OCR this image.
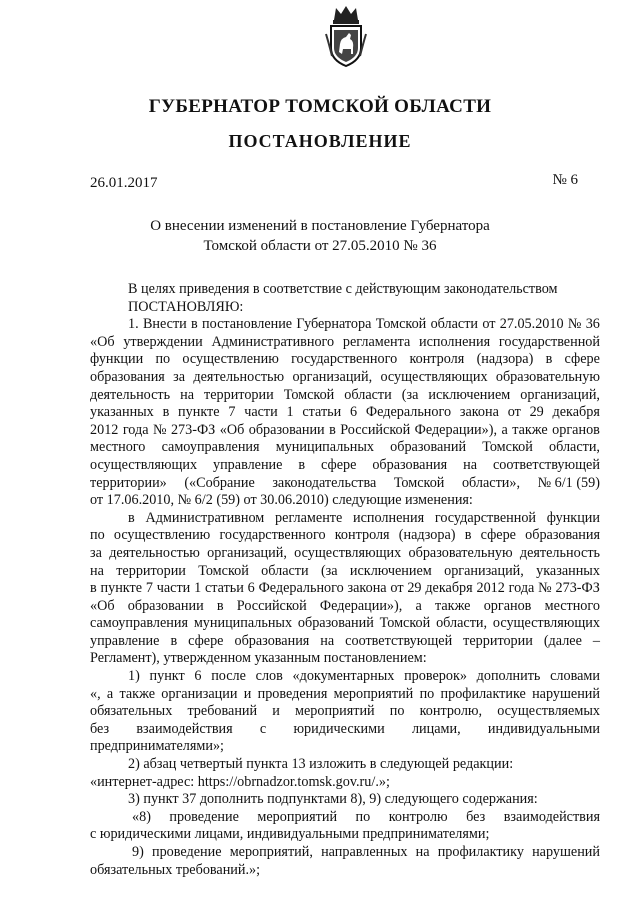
ГУБЕРНАТОР ТОМСКОЙ ОБЛАСТИ
ПОСТАНОВЛЕНИЕ
26.01.2017	№ 6
О внесении изменений в постановление Губернатора
Томской области от 27.05.2010 № 36
В целях приведения в соответствие с действующим законодательством
ПОСТАНОВЛЯЮ:
1. Внести в постановление Губернатора Томской области от 27.05.2010 № 36
«Об утверждении Административного регламента исполнения государственной
функции по осуществлению государственного контроля (надзора) в сфере
образования за деятельностью организаций, осуществляющих образовательную
деятельность на территории Томской области (за исключением организаций,
указанных в пункте 7 части 1 статьи 6 Федерального закона от 29 декабря
2012 года № 273-ФЗ «Об образовании в Российской Федерации»), а также органов
местного самоуправления муниципальных образований Томской области,
осуществляющих управление в сфере образования на соответствующей
территории» («Собрание законодательства Томской области», № 6/1 (59)
от 17.06.2010, № 6/2 (59) от 30.06.2010) следующие изменения:
в Административном регламенте исполнения государственной функции
по осуществлению государственного контроля (надзора) в сфере образования
за деятельностью организаций, осуществляющих образовательную деятельность
на территории Томской области (за исключением организаций, указанных
в пункте 7 части 1 статьи 6 Федерального закона от 29 декабря 2012 года № 273-ФЗ
«Об образовании в Российской Федерации»), а также органов местного
самоуправления муниципальных образований Томской области, осуществляющих
управление в сфере образования на соответствующей территории (далее –
Регламент), утвержденном указанным постановлением:
1) пункт 6 после слов «документарных проверок» дополнить словами
«, а также организации и проведения мероприятий по профилактике нарушений
обязательных требований и мероприятий по контролю, осуществляемых
без взаимодействия с юридическими лицами, индивидуальными
предпринимателями»;
2) абзац четвертый пункта 13 изложить в следующей редакции:
«интернет-адрес: https://obrnadzor.tomsk.gov.ru/.»;
3) пункт 37 дополнить подпунктами 8), 9) следующего содержания:
«8) проведение мероприятий по контролю без взаимодействия
с юридическими лицами, индивидуальными предпринимателями;
9) проведение мероприятий, направленных на профилактику нарушений
обязательных требований.»;
